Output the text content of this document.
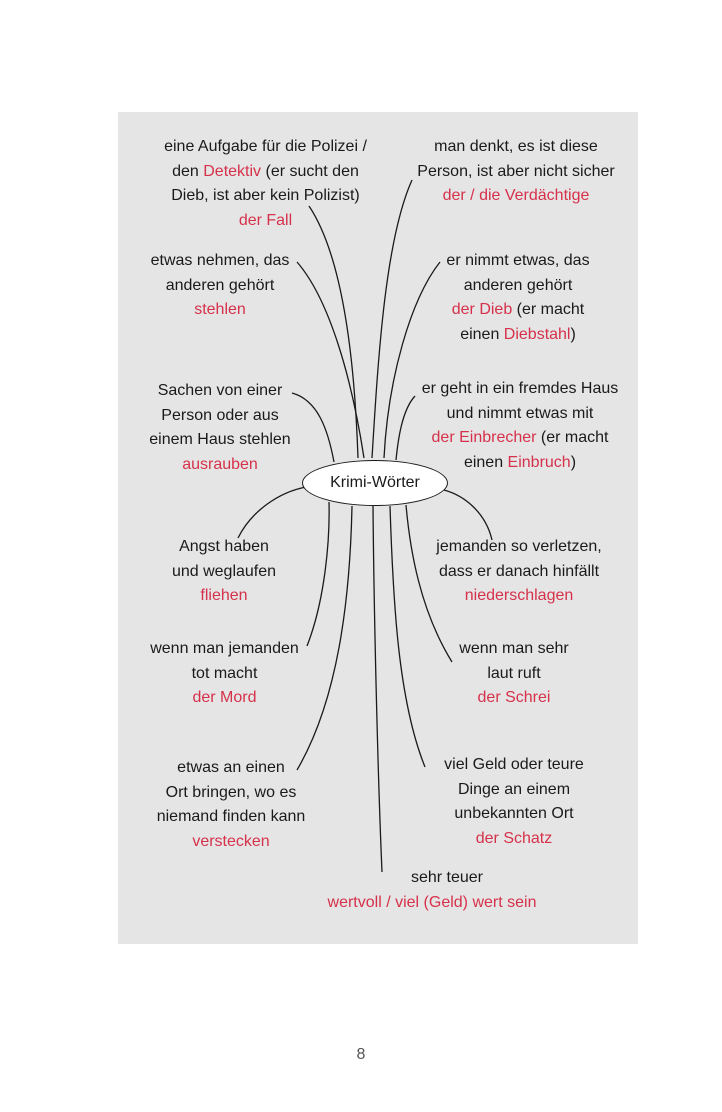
Krimi-Wörter
eine Aufgabe für die Polizei /
den Detektiv (er sucht den
Dieb, ist aber kein Polizist)
der Fall
etwas nehmen, das
anderen gehört
stehlen
Sachen von einer
Person oder aus
einem Haus stehlen
ausrauben
Angst haben
und weglaufen
fliehen
wenn man jemanden
tot macht
der Mord
etwas an einen
Ort bringen, wo es
niemand finden kann
verstecken
man denkt, es ist diese
Person, ist aber nicht sicher
der / die Verdächtige
er nimmt etwas, das
anderen gehört
der Dieb (er macht
einen Diebstahl)
er geht in ein fremdes Haus
und nimmt etwas mit
der Einbrecher (er macht
einen Einbruch)
jemanden so verletzen,
dass er danach hinfällt
niederschlagen
wenn man sehr
laut ruft
der Schrei
viel Geld oder teure
Dinge an einem
unbekannten Ort
der Schatz
sehr teuer
wertvoll / viel (Geld) wert sein
8
